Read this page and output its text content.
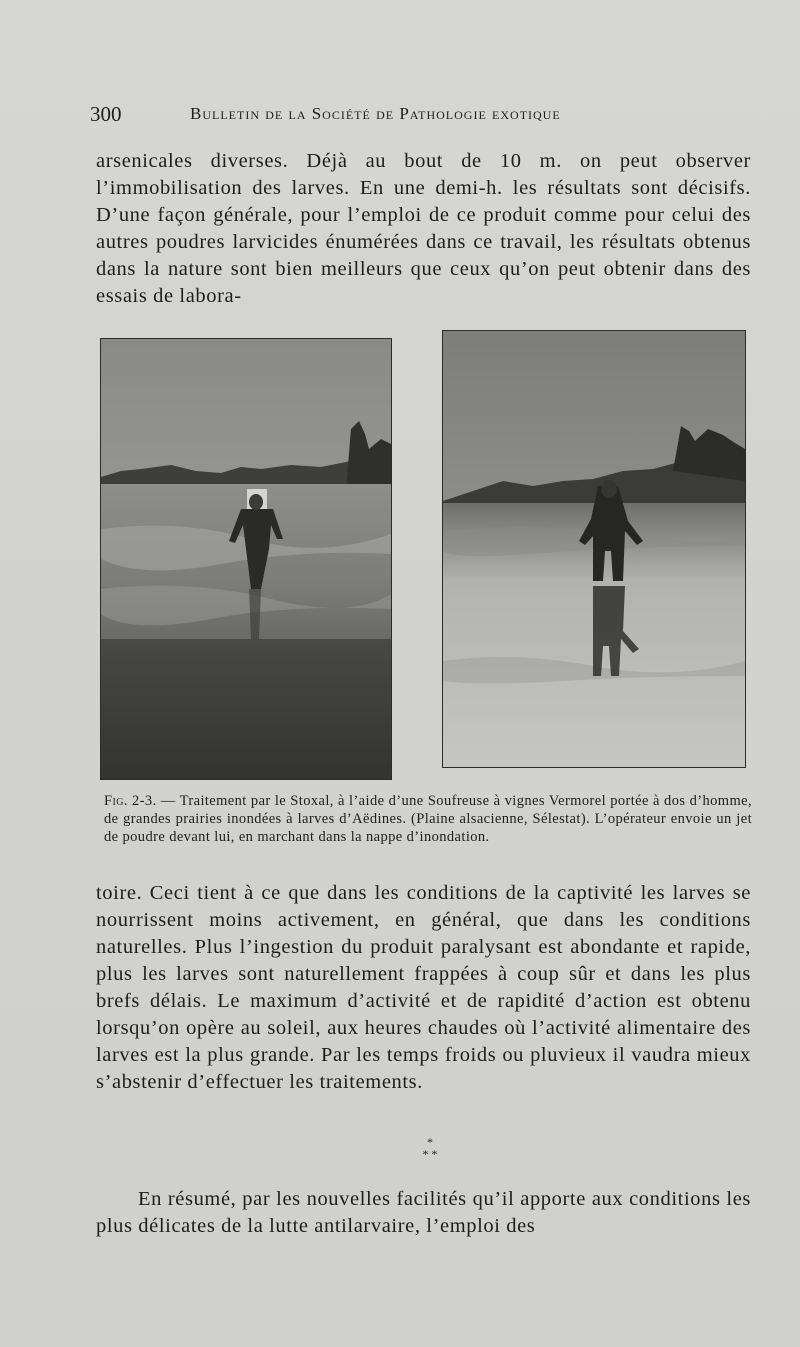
300	Bulletin de la Société de Pathologie exotique

arsenicales diverses. Déjà au bout de 10 m. on peut observer l’immobilisation des larves. En une demi-h. les résultats sont décisifs. D’une façon générale, pour l’emploi de ce produit comme pour celui des autres poudres larvicides énumérées dans ce travail, les résultats obtenus dans la nature sont bien meilleurs que ceux qu’on peut obtenir dans des essais de labora-

Fig. 2-3. — Traitement par le Stoxal, à l’aide d’une Soufreuse à vignes Vermorel portée à dos d’homme, de grandes prairies inondées à larves d’Aëdines. (Plaine alsacienne, Sélestat). L’opérateur envoie un jet de poudre devant lui, en marchant dans la nappe d’inondation.

toire. Ceci tient à ce que dans les conditions de la captivité les larves se nourrissent moins activement, en général, que dans les conditions naturelles. Plus l’ingestion du produit paralysant est abondante et rapide, plus les larves sont naturellement frappées à coup sûr et dans les plus brefs délais. Le maximum d’activité et de rapidité d’action est obtenu lorsqu’on opère au soleil, aux heures chaudes où l’activité alimentaire des larves est la plus grande. Par les temps froids ou pluvieux il vaudra mieux s’abstenir d’effectuer les traitements.

*
* *

En résumé, par les nouvelles facilités qu’il apporte aux conditions les plus délicates de la lutte antilarvaire, l’emploi des
